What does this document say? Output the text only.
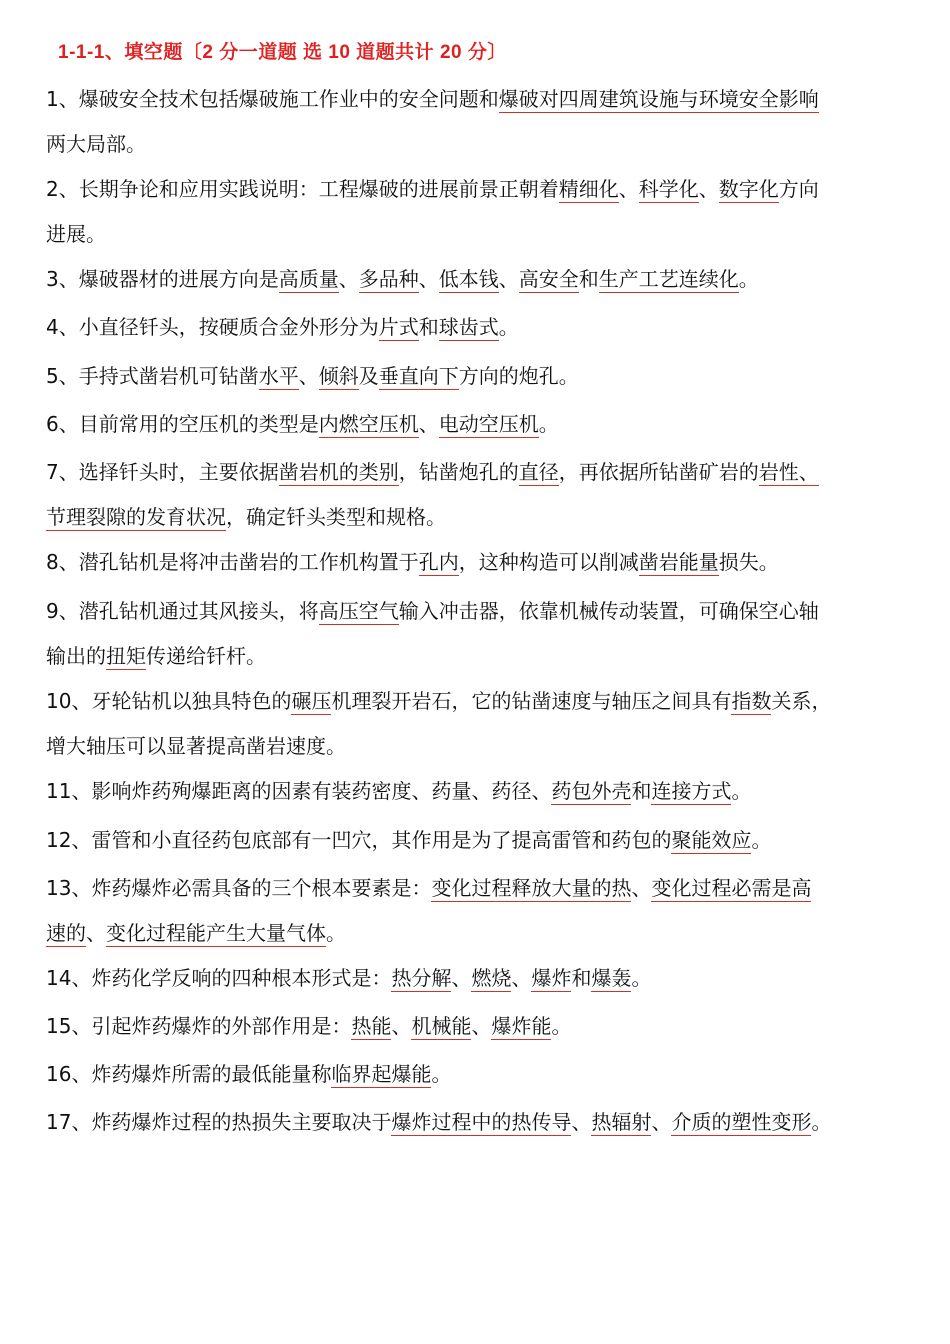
1-1-1、填空题〔2 分一道题 选 10 道题共计 20 分〕
1、爆破安全技术包括爆破施工作业中的安全问题和爆破对四周建筑设施与环境安全影响
两大局部。
2、长期争论和应用实践说明：工程爆破的进展前景正朝着精细化、科学化、数字化方向
进展。
3、爆破器材的进展方向是高质量、多品种、低本钱、高安全和生产工艺连续化。
4、小直径钎头，按硬质合金外形分为片式和球齿式。
5、手持式凿岩机可钻凿水平、倾斜及垂直向下方向的炮孔。
6、目前常用的空压机的类型是内燃空压机、电动空压机。
7、选择钎头时，主要依据凿岩机的类别，钻凿炮孔的直径，再依据所钻凿矿岩的岩性、
节理裂隙的发育状况，确定钎头类型和规格。
8、潜孔钻机是将冲击凿岩的工作机构置于孔内，这种构造可以削减凿岩能量损失。
9、潜孔钻机通过其风接头，将高压空气输入冲击器，依靠机械传动装置，可确保空心轴
输出的扭矩传递给钎杆。
10、牙轮钻机以独具特色的碾压机理裂开岩石，它的钻凿速度与轴压之间具有指数关系，
增大轴压可以显著提高凿岩速度。
11、影响炸药殉爆距离的因素有装药密度、药量、药径、药包外壳和连接方式。
12、雷管和小直径药包底部有一凹穴，其作用是为了提高雷管和药包的聚能效应。
13、炸药爆炸必需具备的三个根本要素是：变化过程释放大量的热、变化过程必需是高
速的、变化过程能产生大量气体。
14、炸药化学反响的四种根本形式是：热分解、燃烧、爆炸和爆轰。
15、引起炸药爆炸的外部作用是：热能、机械能、爆炸能。
16、炸药爆炸所需的最低能量称临界起爆能。
17、炸药爆炸过程的热损失主要取决于爆炸过程中的热传导、热辐射、介质的塑性变形。
